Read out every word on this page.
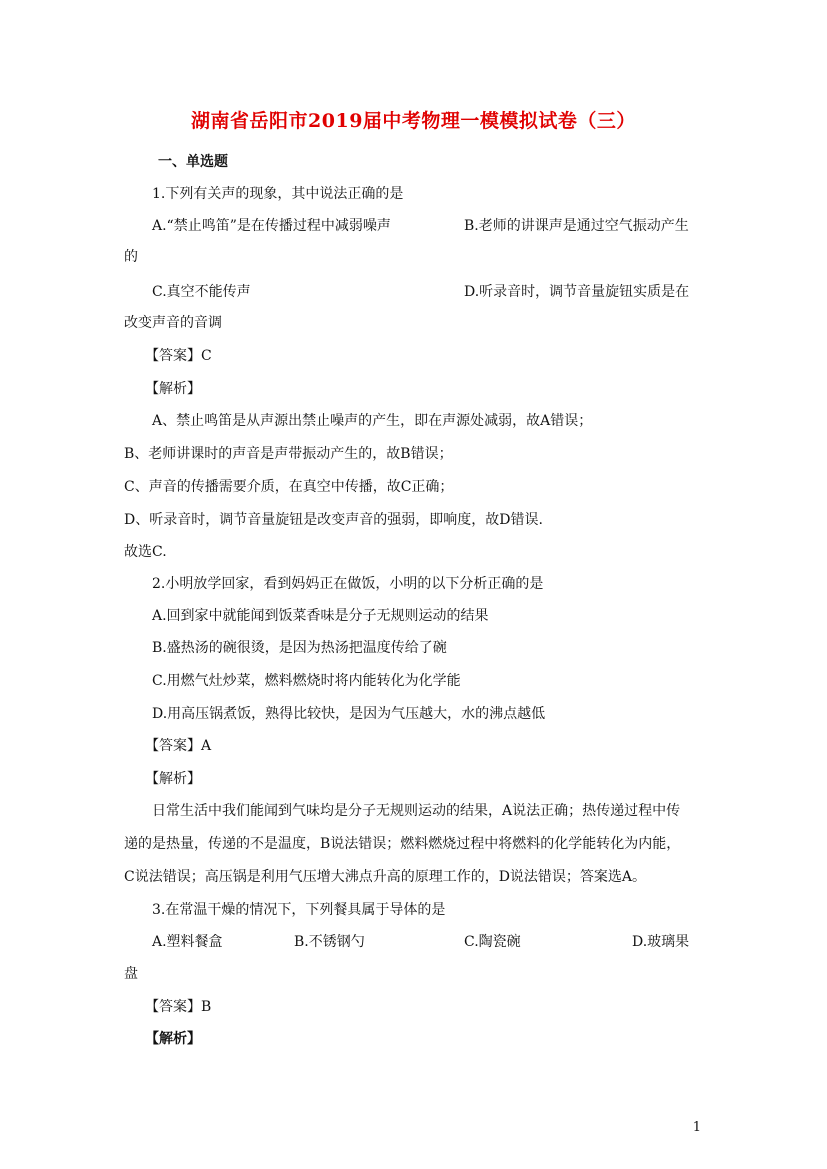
湖南省岳阳市2019届中考物理一模模拟试卷（三）
一、单选题
1.下列有关声的现象，其中说法正确的是
A.“禁止鸣笛”是在传播过程中减弱噪声	B.老师的讲课声是通过空气振动产生
的
C.真空不能传声	D.听录音时，调节音量旋钮实质是在
改变声音的音调
【答案】C
【解析】
A、禁止鸣笛是从声源出禁止噪声的产生，即在声源处减弱，故A错误；
B、老师讲课时的声音是声带振动产生的，故B错误；
C、声音的传播需要介质，在真空中传播，故C正确；
D、听录音时，调节音量旋钮是改变声音的强弱，即响度，故D错误.
故选C.
2.小明放学回家，看到妈妈正在做饭，小明的以下分析正确的是
A.回到家中就能闻到饭菜香味是分子无规则运动的结果
B.盛热汤的碗很烫，是因为热汤把温度传给了碗
C.用燃气灶炒菜，燃料燃烧时将内能转化为化学能
D.用高压锅煮饭，熟得比较快，是因为气压越大，水的沸点越低
【答案】A
【解析】
日常生活中我们能闻到气味均是分子无规则运动的结果，A说法正确；热传递过程中传
递的是热量，传递的不是温度，B说法错误；燃料燃烧过程中将燃料的化学能转化为内能，
C说法错误；高压锅是利用气压增大沸点升高的原理工作的，D说法错误；答案选A。
3.在常温干燥的情况下，下列餐具属于导体的是
A.塑料餐盒	B.不锈钢勺	C.陶瓷碗	D.玻璃果
盘
【答案】B
【解析】
1
